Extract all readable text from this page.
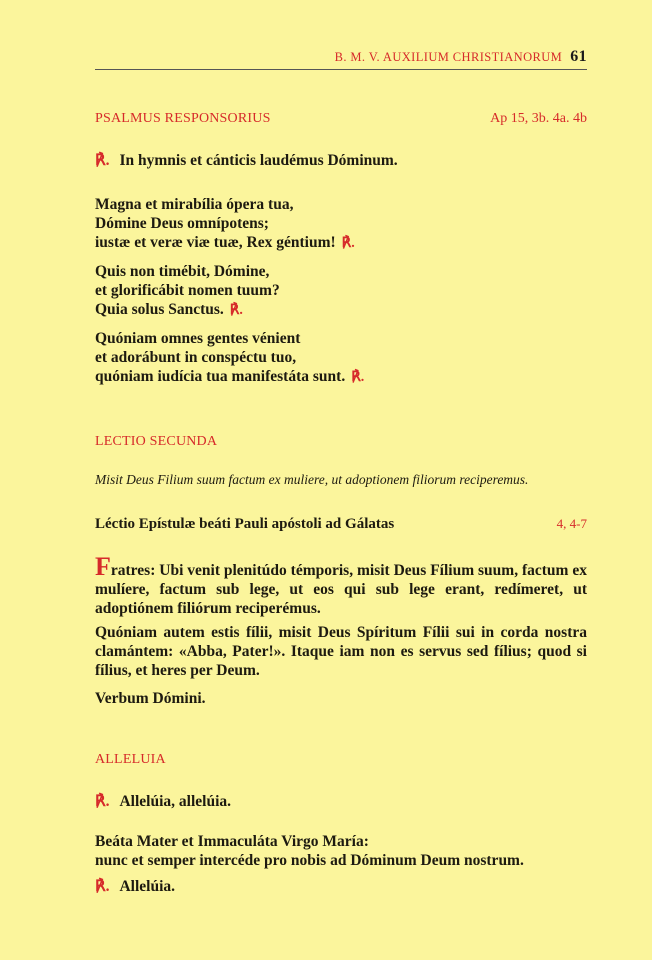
B. M. V. AUXILIUM CHRISTIANORUM 61
PSALMUS RESPONSORIUS	Ap 15, 3b. 4a. 4b
℟. In hymnis et cánticis laudémus Dóminum.
Magna et mirabília ópera tua,
Dómine Deus omnípotens;
iustæ et veræ viæ tuæ, Rex géntium! ℟.
Quis non timébit, Dómine,
et glorificábit nomen tuum?
Quia solus Sanctus. ℟.
Quóniam omnes gentes vénient
et adorábunt in conspéctu tuo,
quóniam iudícia tua manifestáta sunt. ℟.
LECTIO SECUNDA
Misit Deus Filium suum factum ex muliere, ut adoptionem filiorum reciperemus.
Léctio Epístulæ beáti Pauli apóstoli ad Gálatas	4, 4-7
Fratres: Ubi venit plenitúdo témporis, misit Deus Fílium suum, factum ex mulíere, factum sub lege, ut eos qui sub lege erant, redímeret, ut adoptiónem filiórum reciperémus.
Quóniam autem estis fílii, misit Deus Spíritum Fílii sui in corda nostra clamántem: «Abba, Pater!». Itaque iam non es servus sed fílius; quod si fílius, et heres per Deum.
Verbum Dómini.
ALLELUIA
℟. Allelúia, allelúia.
Beáta Mater et Immaculáta Virgo María:
nunc et semper intercéde pro nobis ad Dóminum Deum nostrum.
℟. Allelúia.
